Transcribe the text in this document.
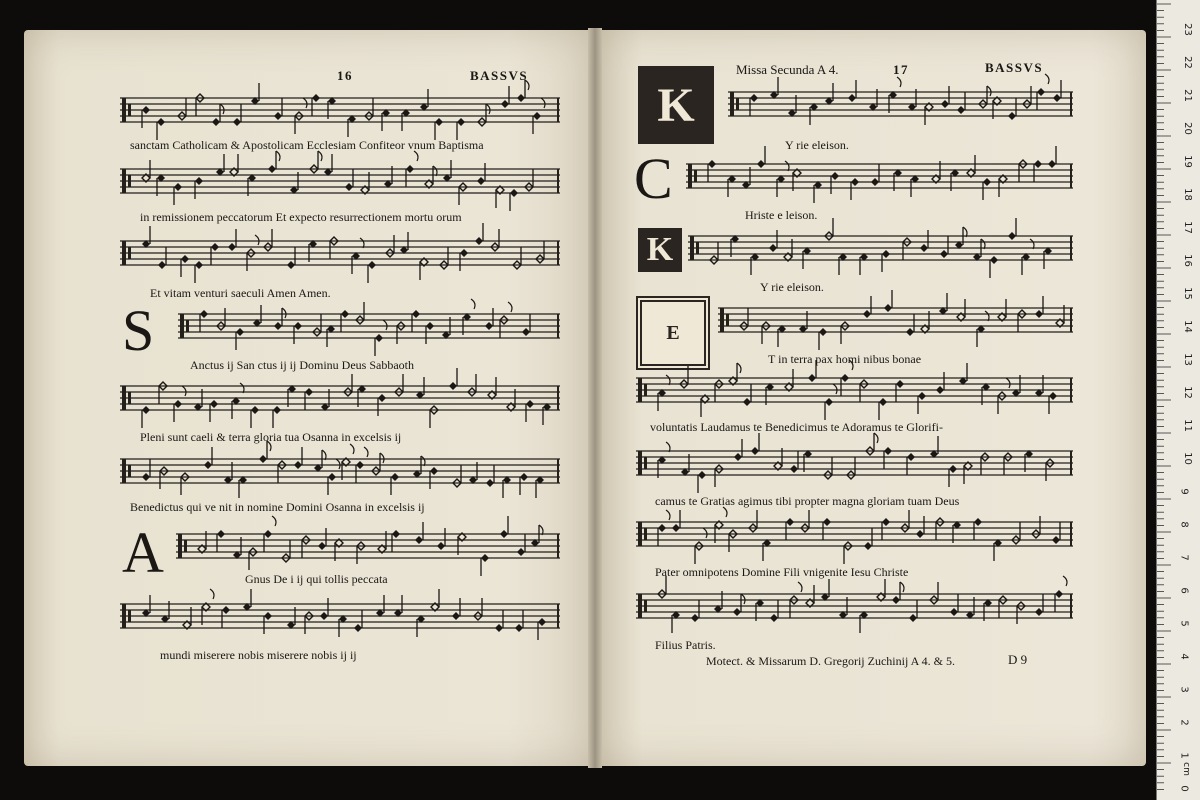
16	BASSVS
sanctam Catholicam & Apostolicam Ecclesiam Confiteor vnum Baptisma
in remissionem peccatorum Et expecto resurrectionem mortu orum
Et vitam venturi saeculi Amen Amen.
S
Anctus ij San ctus ij ij Dominu Deus Sabbaoth
Pleni sunt caeli & terra gloria tua Osanna in excelsis ij
Benedictus qui ve nit in nomine Domini Osanna in excelsis ij
A	Gnus De i ij qui tollis peccata
mundi miserere nobis miserere nobis ij ij
Missa Secunda A 4.	17	BASSVS
K
Y rie eleison.
C
Hriste e leison.
K
Y rie eleison.
E
T in terra pax homi nibus bonae
voluntatis Laudamus te Benedicimus te Adoramus te Glorifi-
camus te Gratias agimus tibi propter magna gloriam tuam Deus
Pater omnipotens Domine Fili vnigenite Iesu Christe
Filius Patris.
Motect. & Missarum D. Gregorij Zuchinij A 4. & 5.	D 9
23
22
21
20
19
18
17
16
15
14
13
12
11
10
9
8
7
6
5
4
3
2
1
0
cm
